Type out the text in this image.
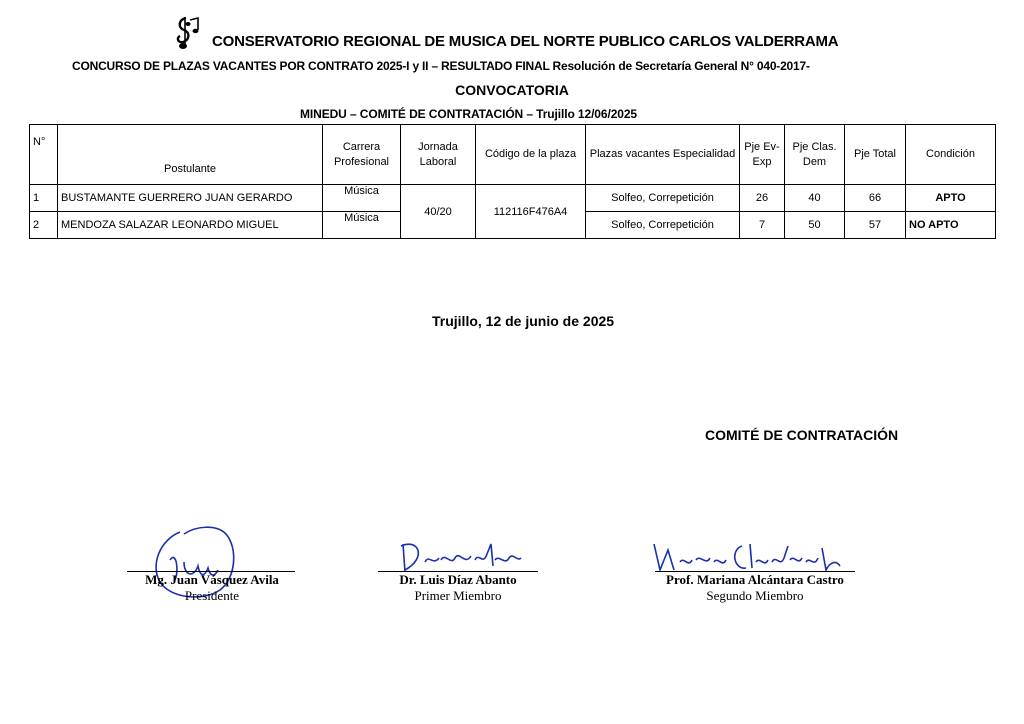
CONSERVATORIO REGIONAL DE MUSICA DEL NORTE PUBLICO CARLOS VALDERRAMA
CONCURSO DE PLAZAS VACANTES POR CONTRATO 2025-I y II – RESULTADO FINAL Resolución de Secretaría General N° 040-2017-
CONVOCATORIA
MINEDU – COMITÉ DE CONTRATACIÓN – Trujillo 12/06/2025
N°	Postulante	Carrera Profesional	Jornada Laboral	Código de la plaza	Plazas vacantes Especialidad	Pje Ev-Exp	Pje Clas. Dem	Pje Total	Condición
1	BUSTAMANTE GUERRERO JUAN GERARDO	Música	40/20	112116F476A4	Solfeo, Correpetición	26	40	66	APTO
2	MENDOZA SALAZAR LEONARDO MIGUEL	Música			Solfeo, Correpetición	7	50	57	NO APTO
Trujillo, 12 de junio de 2025
COMITÉ DE CONTRATACIÓN
Mg. Juan Vásquez Avila
Presidente
Dr. Luis Díaz Abanto
Primer Miembro
Prof. Mariana Alcántara Castro
Segundo Miembro
